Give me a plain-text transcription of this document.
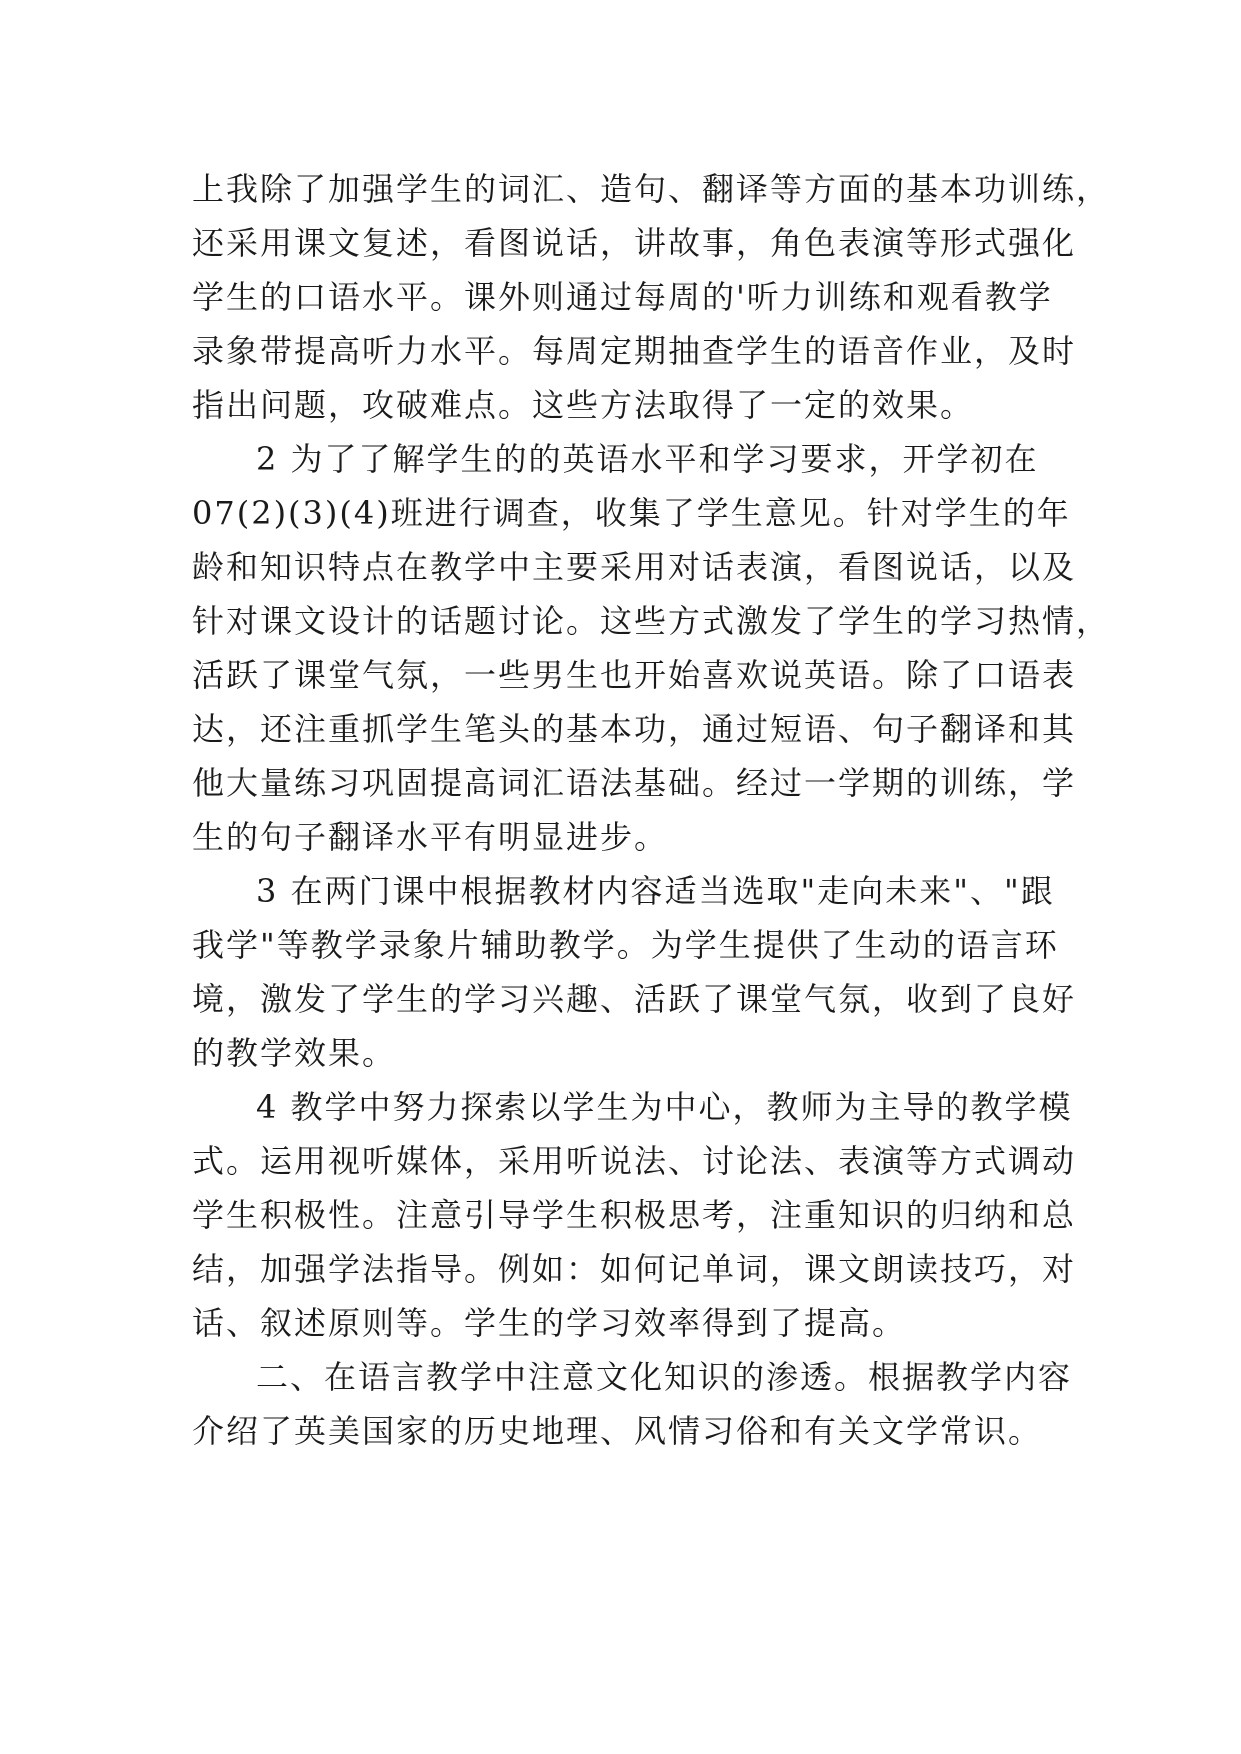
上我除了加强学生的词汇、造句、翻译等方面的基本功训练，
还采用课文复述，看图说话，讲故事，角色表演等形式强化
学生的口语水平。课外则通过每周的'听力训练和观看教学
录象带提高听力水平。每周定期抽查学生的语音作业，及时
指出问题，攻破难点。这些方法取得了一定的效果。
2 为了了解学生的的英语水平和学习要求，开学初在
07(2)(3)(4)班进行调查，收集了学生意见。针对学生的年
龄和知识特点在教学中主要采用对话表演，看图说话，以及
针对课文设计的话题讨论。这些方式激发了学生的学习热情，
活跃了课堂气氛，一些男生也开始喜欢说英语。除了口语表
达，还注重抓学生笔头的基本功，通过短语、句子翻译和其
他大量练习巩固提高词汇语法基础。经过一学期的训练，学
生的句子翻译水平有明显进步。
3 在两门课中根据教材内容适当选取"走向未来"、"跟
我学"等教学录象片辅助教学。为学生提供了生动的语言环
境，激发了学生的学习兴趣、活跃了课堂气氛，收到了良好
的教学效果。
4 教学中努力探索以学生为中心，教师为主导的教学模
式。运用视听媒体，采用听说法、讨论法、表演等方式调动
学生积极性。注意引导学生积极思考，注重知识的归纳和总
结，加强学法指导。例如：如何记单词，课文朗读技巧，对
话、叙述原则等。学生的学习效率得到了提高。
二、在语言教学中注意文化知识的渗透。根据教学内容
介绍了英美国家的历史地理、风情习俗和有关文学常识。
